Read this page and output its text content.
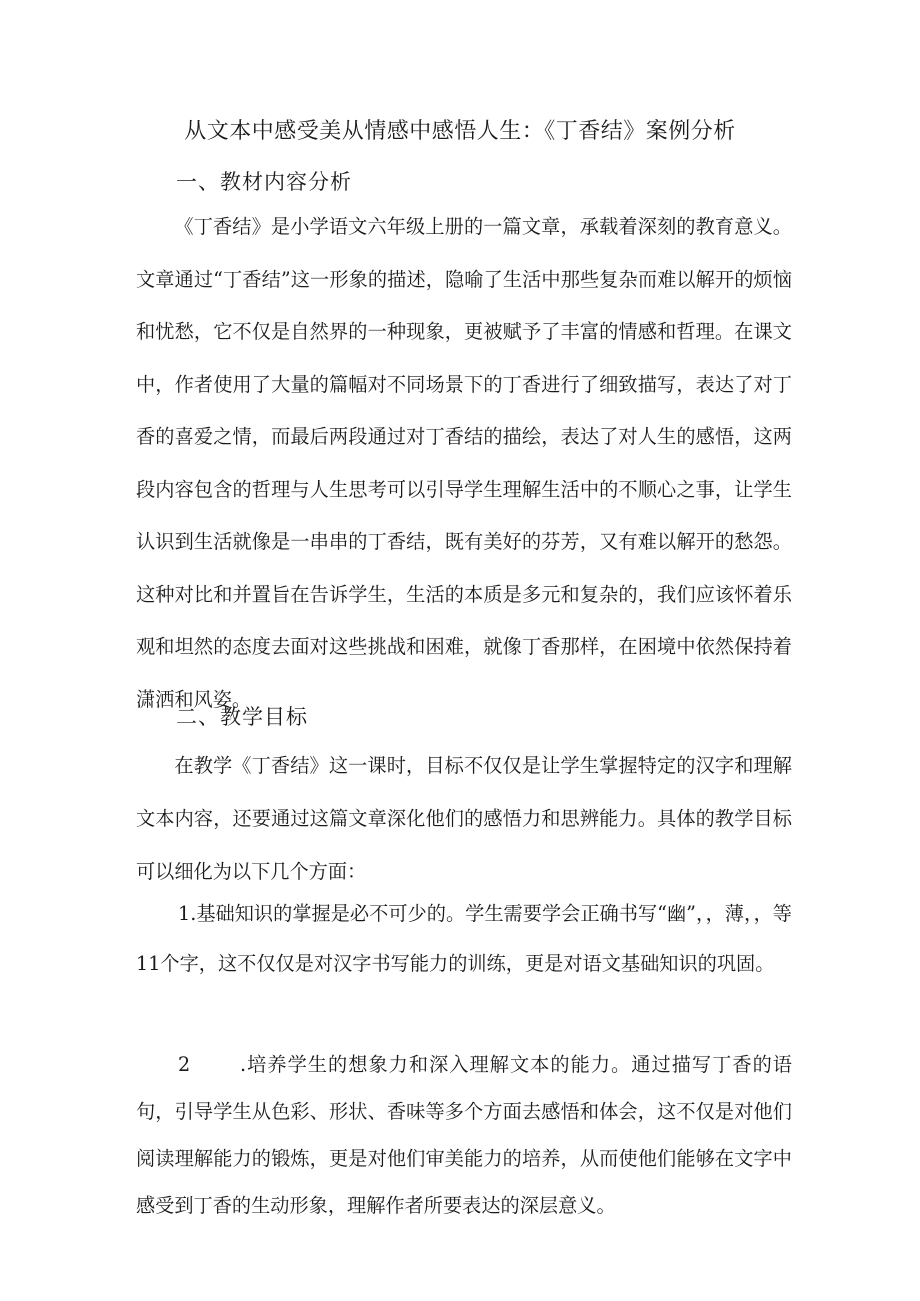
从文本中感受美从情感中感悟人生：《丁香结》案例分析
一、教材内容分析

《丁香结》是小学语文六年级上册的一篇文章，承载着深刻的教育意义。文章通过“丁香结”这一形象的描述，隐喻了生活中那些复杂而难以解开的烦恼和忧愁，它不仅是自然界的一种现象，更被赋予了丰富的情感和哲理。在课文中，作者使用了大量的篇幅对不同场景下的丁香进行了细致描写，表达了对丁香的喜爱之情，而最后两段通过对丁香结的描绘，表达了对人生的感悟，这两段内容包含的哲理与人生思考可以引导学生理解生活中的不顺心之事，让学生认识到生活就像是一串串的丁香结，既有美好的芬芳，又有难以解开的愁怨。这种对比和并置旨在告诉学生，生活的本质是多元和复杂的，我们应该怀着乐观和坦然的态度去面对这些挑战和困难，就像丁香那样，在困境中依然保持着潇洒和风姿。

二、教学目标

在教学《丁香结》这一课时，目标不仅仅是让学生掌握特定的汉字和理解文本内容，还要通过这篇文章深化他们的感悟力和思辨能力。具体的教学目标可以细化为以下几个方面：

1.基础知识的掌握是必不可少的。学生需要学会正确书写“幽”，，薄，，等11个字，这不仅仅是对汉字书写能力的训练，更是对语文基础知识的巩固。

2	.培养学生的想象力和深入理解文本的能力。通过描写丁香的语句，引导学生从色彩、形状、香味等多个方面去感悟和体会，这不仅是对他们阅读理解能力的锻炼，更是对他们审美能力的培养，从而使他们能够在文字中感受到丁香的生动形象，理解作者所要表达的深层意义。
